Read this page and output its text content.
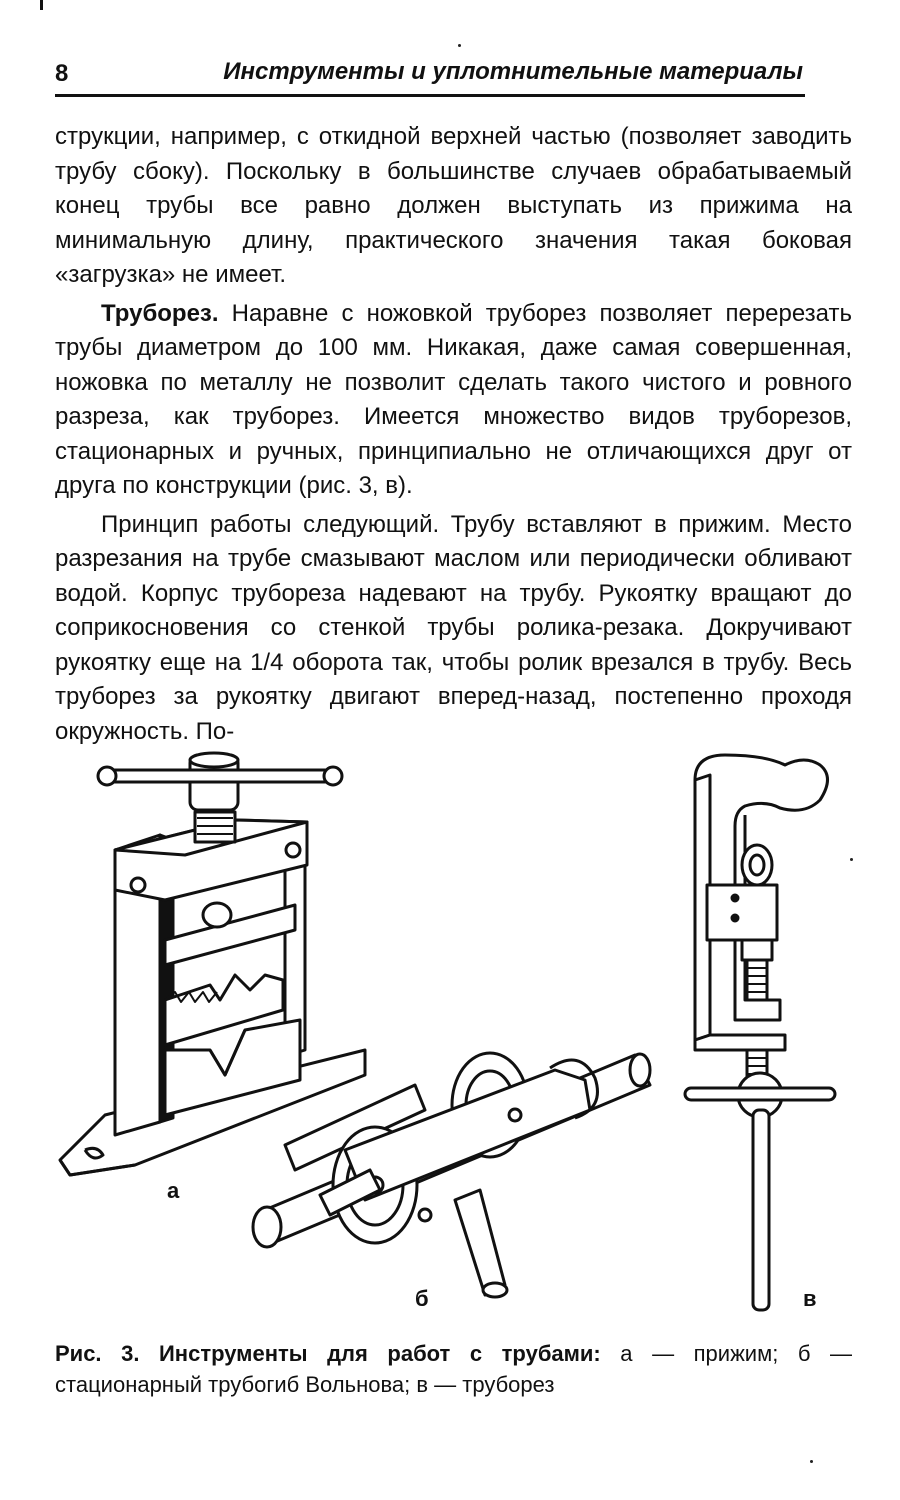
8	Инструменты и уплотнительные материалы

струкции, например, с откидной верхней частью (позволяет заводить трубу сбоку). Поскольку в большинстве случаев обрабатываемый конец трубы все равно должен выступать из прижима на минимальную длину, практического значения такая боковая «загрузка» не имеет.

Труборез. Наравне с ножовкой труборез позволяет перерезать трубы диаметром до 100 мм. Никакая, даже самая совершенная, ножовка по металлу не позволит сделать такого чистого и ровного разреза, как труборез. Имеется множество видов труборезов, стационарных и ручных, принципиально не отличающихся друг от друга по конструкции (рис. 3, в).

Принцип работы следующий. Трубу вставляют в прижим. Место разрезания на трубе смазывают маслом или периодически обливают водой. Корпус трубореза надевают на трубу. Рукоятку вращают до соприкосновения со стенкой трубы ролика-резака. Докручивают рукоятку еще на 1/4 оборота так, чтобы ролик врезался в трубу. Весь труборез за рукоятку двигают вперед-назад, постепенно проходя окружность. По-

а
б	в
Рис. 3. Инструменты для работ с трубами: а — прижим; б — стационарный трубогиб Вольнова; в — труборез
